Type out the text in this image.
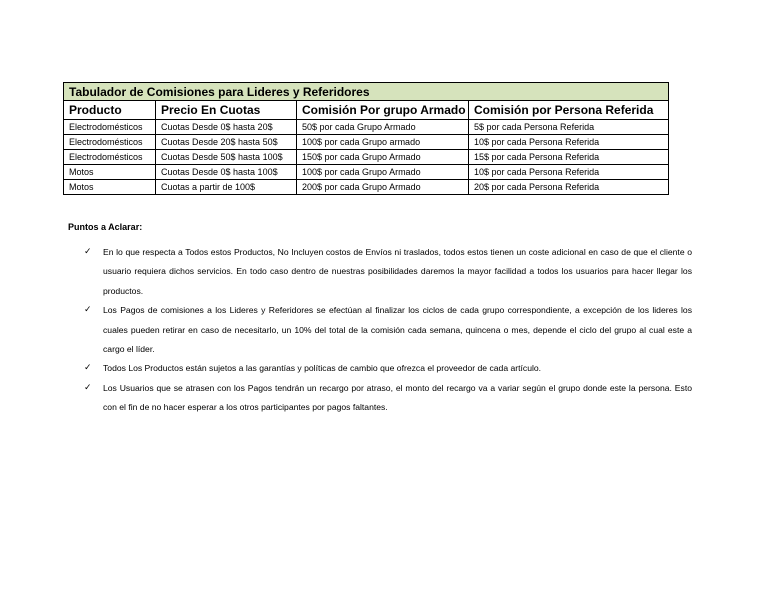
Tabulador de Comisiones para Lideres y Referidores			
Producto	Precio En Cuotas	Comisión Por grupo Armado	Comisión por Persona Referida
Electrodomésticos	Cuotas Desde 0$ hasta 20$	50$ por cada Grupo Armado	5$ por cada Persona Referida
Electrodomésticos	Cuotas Desde 20$ hasta 50$	100$ por cada Grupo armado	10$ por cada Persona Referida
Electrodomésticos	Cuotas Desde 50$ hasta 100$	150$ por cada Grupo Armado	15$ por cada Persona Referida
Motos	Cuotas Desde 0$ hasta 100$	100$ por cada Grupo Armado	10$ por cada Persona Referida
Motos	Cuotas a partir de 100$	200$ por cada Grupo Armado	20$ por cada Persona Referida
Puntos a Aclarar:
✓ En lo que respecta a Todos estos Productos, No Incluyen costos de Envíos ni traslados, todos estos tienen un coste adicional en caso de que el cliente o usuario requiera dichos servicios. En todo caso dentro de nuestras posibilidades daremos la mayor facilidad a todos los usuarios para hacer llegar los productos.
✓ Los Pagos de comisiones a los Lideres y Referidores se efectúan al finalizar los ciclos de cada grupo correspondiente, a excepción de los lideres los cuales pueden retirar en caso de necesitarlo, un 10% del total de la comisión cada semana, quincena o mes, depende el ciclo del grupo al cual este a cargo el líder.
✓ Todos Los Productos están sujetos a las garantías y políticas de cambio que ofrezca el proveedor de cada artículo.
✓ Los Usuarios que se atrasen con los Pagos tendrán un recargo por atraso, el monto del recargo va a variar según el grupo donde este la persona. Esto con el fin de no hacer esperar a los otros participantes por pagos faltantes.
